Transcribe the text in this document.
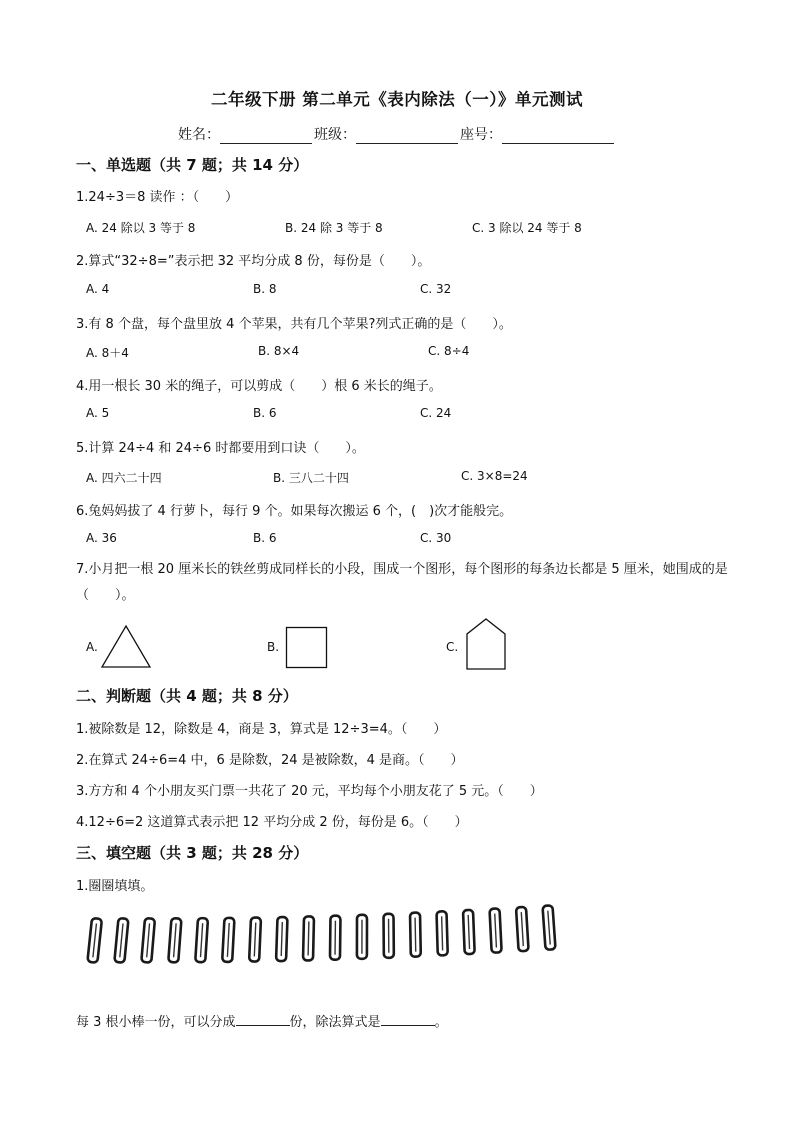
二年级下册 第二单元《表内除法（一）》单元测试
姓名：	班级：	座号：
一、单选题（共 7 题；共 14 分）
1.24÷3＝8 读作 ：（　　）
A. 24 除以 3 等于 8	B. 24 除 3 等于 8	C. 3 除以 24 等于 8
2.算式“32÷8=”表示把 32 平均分成 8 份，每份是（　　）。
A. 4	B. 8	C. 32
3.有 8 个盘，每个盘里放 4 个苹果，共有几个苹果?列式正确的是（　　）。
A. 8＋4	B. 8×4	C. 8÷4
4.用一根长 30 米的绳子，可以剪成（　　）根 6 米长的绳子。
A. 5	B. 6	C. 24
5.计算 24÷4 和 24÷6 时都要用到口诀（　　）。
A. 四六二十四	B. 三八二十四	C. 3×8=24
6.兔妈妈拔了 4 行萝卜，每行 9 个。如果每次搬运 6 个，(　)次才能般完。
A. 36	B. 6	C. 30
7.小月把一根 20 厘米长的铁丝剪成同样长的小段，围成一个图形，每个图形的每条边长都是 5 厘米，她围成的是（　　）。
A.	B.	C.
二、判断题（共 4 题；共 8 分）
1.被除数是 12，除数是 4，商是 3，算式是 12÷3=4。（　　）
2.在算式 24÷6=4 中，6 是除数，24 是被除数，4 是商。（　　）
3.方方和 4 个小朋友买门票一共花了 20 元，平均每个小朋友花了 5 元。（　　）
4.12÷6=2 这道算式表示把 12 平均分成 2 份，每份是 6。（　　）
三、填空题（共 3 题；共 28 分）
1.圈圈填填。
每 3 根小棒一份，可以分成	份，除法算式是	。
